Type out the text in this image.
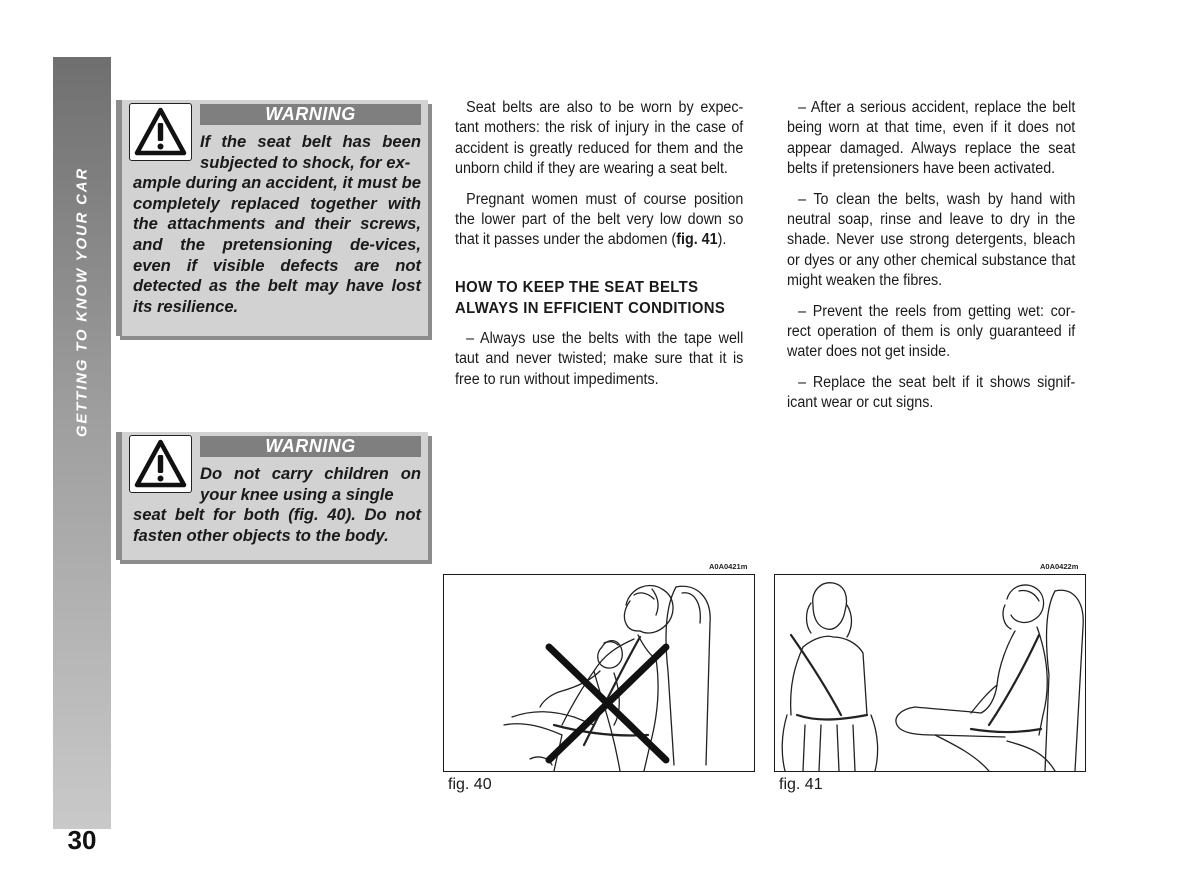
GETTING TO KNOW YOUR CAR
30
WARNING
If the seat belt has been subjected to shock, for ex-
ample during an accident, it must be completely replaced together with the attachments and their screws, and the pretensioning de-vices, even if visible defects are not detected as the belt may have lost its resilience.
WARNING
Do not carry children on your knee using a single
seat belt for both (fig. 40). Do not fasten other objects to the body.

Seat belts are also to be worn by expec-tant mothers: the risk of injury in the case of accident is greatly reduced for them and the unborn child if they are wearing a seat belt.

Pregnant women must of course position the lower part of the belt very low down so that it passes under the abdomen (fig. 41).

HOW TO KEEP THE SEAT BELTS ALWAYS IN EFFICIENT CONDITIONS

– Always use the belts with the tape well taut and never twisted; make sure that it is free to run without impediments.

– After a serious accident, replace the belt being worn at that time, even if it does not appear damaged. Always replace the seat belts if pretensioners have been activated.

– To clean the belts, wash by hand with neutral soap, rinse and leave to dry in the shade. Never use strong detergents, bleach or dyes or any other chemical substance that might weaken the fibres.

– Prevent the reels from getting wet: cor-rect operation of them is only guaranteed if water does not get inside.

– Replace the seat belt if it shows signif-icant wear or cut signs.

A0A0421m
fig. 40
A0A0422m
fig. 41
